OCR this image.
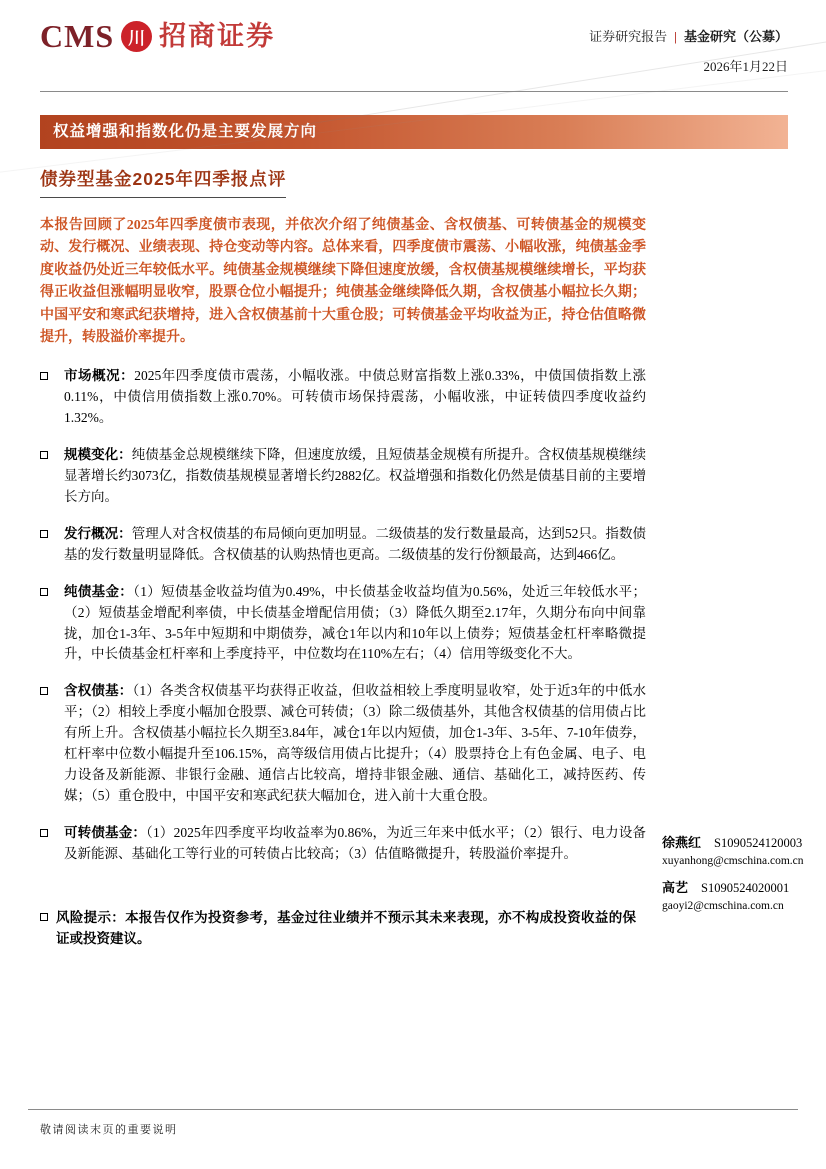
CMS 川 招商证券	证券研究报告 | 基金研究（公募）
2026年1月22日
权益增强和指数化仍是主要发展方向
债券型基金2025年四季报点评

本报告回顾了2025年四季度债市表现，并依次介绍了纯债基金、含权债基、可转债基金的规模变动、发行概况、业绩表现、持仓变动等内容。总体来看，四季度债市震荡、小幅收涨，纯债基金季度收益仍处近三年较低水平。纯债基金规模继续下降但速度放缓，含权债基规模继续增长，平均获得正收益但涨幅明显收窄，股票仓位小幅提升；纯债基金继续降低久期，含权债基小幅拉长久期；中国平安和寒武纪获增持，进入含权债基前十大重仓股；可转债基金平均收益为正，持仓估值略微提升，转股溢价率提升。

市场概况：2025年四季度债市震荡，小幅收涨。中债总财富指数上涨0.33%，中债国债指数上涨0.11%，中债信用债指数上涨0.70%。可转债市场保持震荡，小幅收涨，中证转债四季度收益约1.32%。

规模变化：纯债基金总规模继续下降，但速度放缓，且短债基金规模有所提升。含权债基规模继续显著增长约3073亿，指数债基规模显著增长约2882亿。权益增强和指数化仍然是债基目前的主要增长方向。

发行概况：管理人对含权债基的布局倾向更加明显。二级债基的发行数量最高，达到52只。指数债基的发行数量明显降低。含权债基的认购热情也更高。二级债基的发行份额最高，达到466亿。

纯债基金：（1）短债基金收益均值为0.49%，中长债基金收益均值为0.56%，处近三年较低水平；（2）短债基金增配利率债，中长债基金增配信用债；（3）降低久期至2.17年，久期分布向中间靠拢，加仓1-3年、3-5年中短期和中期债券，减仓1年以内和10年以上债券；短债基金杠杆率略微提升，中长债基金杠杆率和上季度持平，中位数均在110%左右；（4）信用等级变化不大。

含权债基：（1）各类含权债基平均获得正收益，但收益相较上季度明显收窄，处于近3年的中低水平；（2）相较上季度小幅加仓股票、减仓可转债；（3）除二级债基外，其他含权债基的信用债占比有所上升。含权债基小幅拉长久期至3.84年，减仓1年以内短债，加仓1-3年、3-5年、7-10年债券，杠杆率中位数小幅提升至106.15%，高等级信用债占比提升；（4）股票持仓上有色金属、电子、电力设备及新能源、非银行金融、通信占比较高，增持非银金融、通信、基础化工，减持医药、传媒；（5）重仓股中，中国平安和寒武纪获大幅加仓，进入前十大重仓股。

可转债基金：（1）2025年四季度平均收益率为0.86%，为近三年来中低水平；（2）银行、电力设备及新能源、基础化工等行业的可转债占比较高；（3）估值略微提升，转股溢价率提升。

风险提示：本报告仅作为投资参考，基金过往业绩并不预示其未来表现，亦不构成投资收益的保证或投资建议。

徐燕红 S1090524120003
xuyanhong@cmschina.com.cn
高艺 S1090524020001
gaoyi2@cmschina.com.cn
敬请阅读末页的重要说明
